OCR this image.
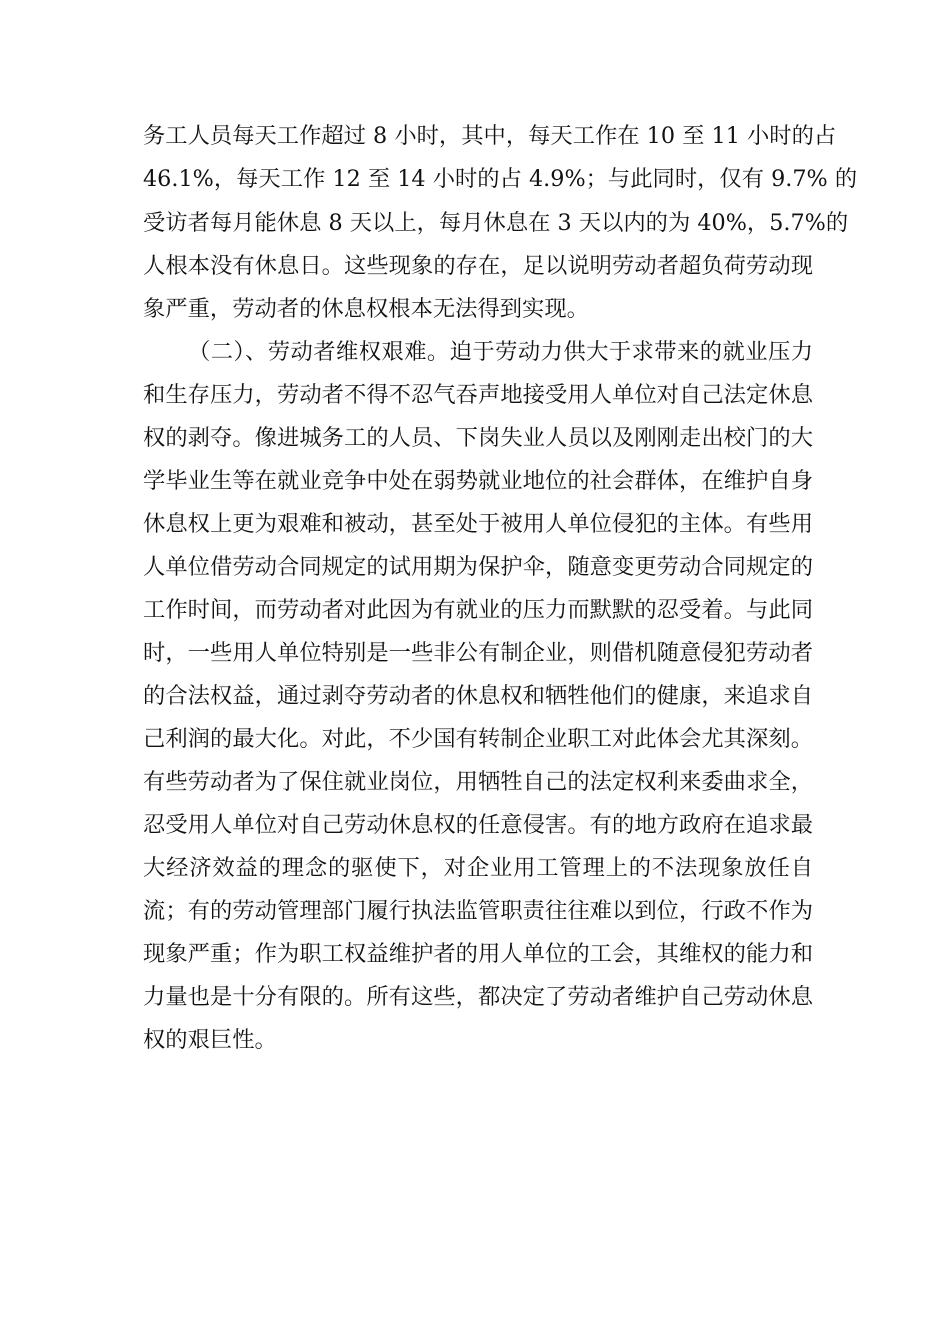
务工人员每天工作超过 8 小时，其中，每天工作在 10 至 11 小时的占
46.1%，每天工作 12 至 14 小时的占 4.9%；与此同时，仅有 9.7% 的
受访者每月能休息 8 天以上，每月休息在 3 天以内的为 40%，5.7%的
人根本没有休息日。这些现象的存在，足以说明劳动者超负荷劳动现
象严重，劳动者的休息权根本无法得到实现。
（二）、劳动者维权艰难。迫于劳动力供大于求带来的就业压力
和生存压力，劳动者不得不忍气吞声地接受用人单位对自己法定休息
权的剥夺。像进城务工的人员、下岗失业人员以及刚刚走出校门的大
学毕业生等在就业竞争中处在弱势就业地位的社会群体，在维护自身
休息权上更为艰难和被动，甚至处于被用人单位侵犯的主体。有些用
人单位借劳动合同规定的试用期为保护伞，随意变更劳动合同规定的
工作时间，而劳动者对此因为有就业的压力而默默的忍受着。与此同
时，一些用人单位特别是一些非公有制企业，则借机随意侵犯劳动者
的合法权益，通过剥夺劳动者的休息权和牺牲他们的健康，来追求自
己利润的最大化。对此，不少国有转制企业职工对此体会尤其深刻。
有些劳动者为了保住就业岗位，用牺牲自己的法定权利来委曲求全，
忍受用人单位对自己劳动休息权的任意侵害。有的地方政府在追求最
大经济效益的理念的驱使下，对企业用工管理上的不法现象放任自
流；有的劳动管理部门履行执法监管职责往往难以到位，行政不作为
现象严重；作为职工权益维护者的用人单位的工会，其维权的能力和
力量也是十分有限的。所有这些，都决定了劳动者维护自己劳动休息
权的艰巨性。
